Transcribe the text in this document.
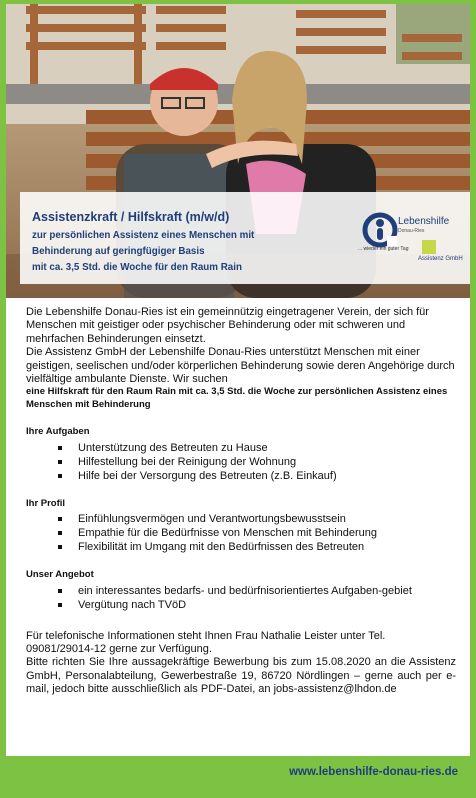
Assistenzkraft / Hilfskraft (m/w/d)
zur persönlichen Assistenz eines Menschen mit
Behinderung auf geringfügiger Basis
mit ca. 3,5 Std. die Woche für den Raum Rain
Lebenshilfe
Donau-Ries
... wieder ein guter Tag
Assistenz GmbH

Die Lebenshilfe Donau-Ries ist ein gemeinnützig eingetragener Verein, der sich für Menschen mit geistiger oder psychischer Behinderung oder mit schweren und mehrfachen Behinderungen einsetzt.

Die Assistenz GmbH der Lebenshilfe Donau-Ries unterstützt Menschen mit einer geistigen, seelischen und/oder körperlichen Behinderung sowie deren Angehörige durch vielfältige ambulante Dienste. Wir suchen

eine Hilfskraft für den Raum Rain mit ca. 3,5 Std. die Woche zur persönlichen Assistenz eines Menschen mit Behinderung

Ihre Aufgaben
Unterstützung des Betreuten zu Hause
Hilfestellung bei der Reinigung der Wohnung
Hilfe bei der Versorgung des Betreuten (z.B. Einkauf)
Ihr Profil
Einfühlungsvermögen und Verantwortungsbewusstsein
Empathie für die Bedürfnisse von Menschen mit Behinderung
Flexibilität im Umgang mit den Bedürfnissen des Betreuten
Unser Angebot
ein interessantes bedarfs- und bedürfnisorientiertes Aufgaben-gebiet
Vergütung nach TVöD

Für telefonische Informationen steht Ihnen Frau Nathalie Leister unter Tel. 09081/29014-12 gerne zur Verfügung.

Bitte richten Sie Ihre aussagekräftige Bewerbung bis zum 15.08.2020 an die Assistenz GmbH, Personalabteilung, Gewerbestraße 19, 86720 Nördlingen – gerne auch per e-mail, jedoch bitte ausschließlich als PDF-Datei, an jobs-assistenz@lhdon.de

www.lebenshilfe-donau-ries.de
